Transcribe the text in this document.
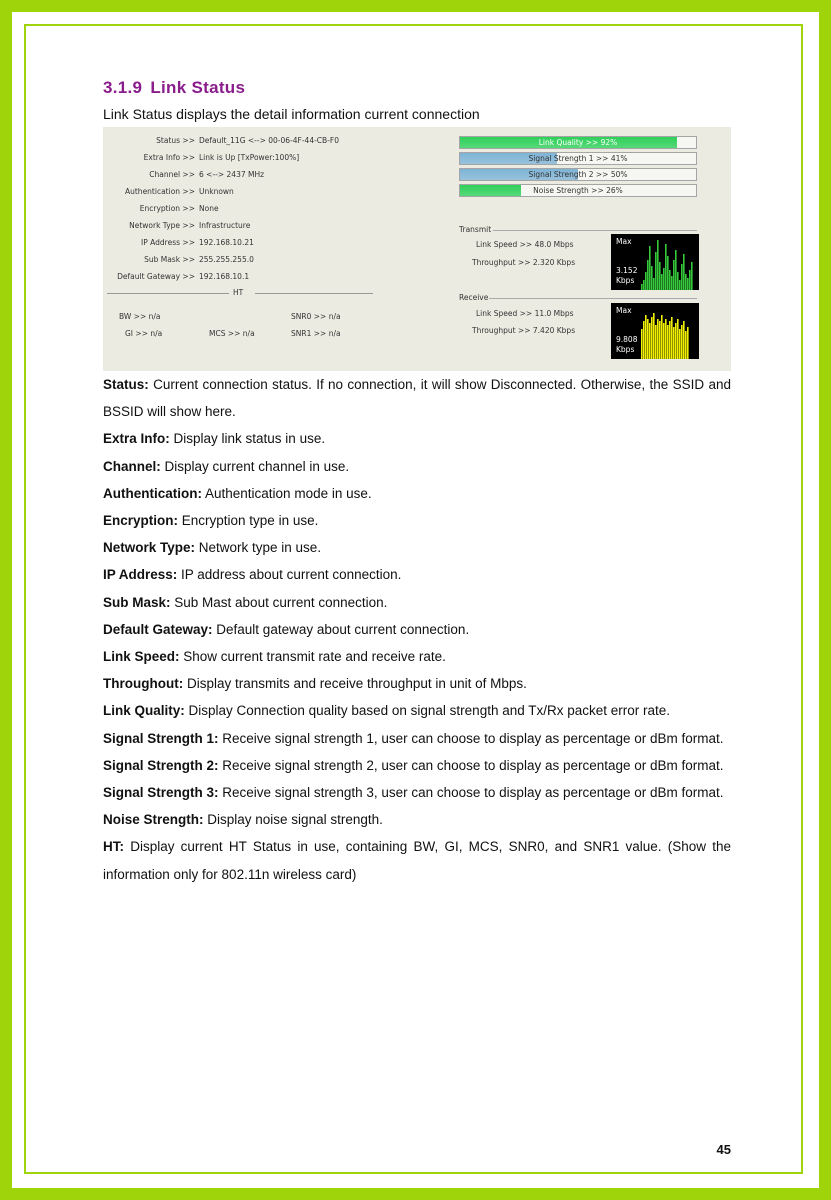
3.1.9 Link Status
Link Status displays the detail information current connection
Status >> Default_11G <--> 00-06-4F-44-CB-F0
Extra Info >> Link is Up [TxPower:100%]
Channel >> 6 <--> 2437 MHz
Authentication >> Unknown
Encryption >> None
Network Type >> Infrastructure
IP Address >> 192.168.10.21
Sub Mask >> 255.255.255.0
Default Gateway >> 192.168.10.1
HT
BW >> n/a
GI >> n/a	MCS >> n/a
SNR0 >> n/a
SNR1 >> n/a
Link Quality >> 92%
Signal Strength 1 >> 41%
Signal Strength 2 >> 50%
Noise Strength >> 26%
Transmit
Link Speed >> 48.0 Mbps
Throughput >> 2.320 Kbps
Max
3.152
Kbps
Receive
Link Speed >> 11.0 Mbps
Throughput >> 7.420 Kbps
Max
9.808
Kbps

Status: Current connection status. If no connection, it will show Disconnected. Otherwise, the SSID and BSSID will show here.

Extra Info: Display link status in use.

Channel: Display current channel in use.

Authentication: Authentication mode in use.

Encryption: Encryption type in use.

Network Type: Network type in use.

IP Address: IP address about current connection.

Sub Mask: Sub Mast about current connection.

Default Gateway: Default gateway about current connection.

Link Speed: Show current transmit rate and receive rate.

Throughout: Display transmits and receive throughput in unit of Mbps.

Link Quality: Display Connection quality based on signal strength and Tx/Rx packet error rate.

Signal Strength 1: Receive signal strength 1, user can choose to display as percentage or dBm format.

Signal Strength 2: Receive signal strength 2, user can choose to display as percentage or dBm format.

Signal Strength 3: Receive signal strength 3, user can choose to display as percentage or dBm format.

Noise Strength: Display noise signal strength.

HT: Display current HT Status in use, containing BW, GI, MCS, SNR0, and SNR1 value. (Show the information only for 802.11n wireless card)

45
